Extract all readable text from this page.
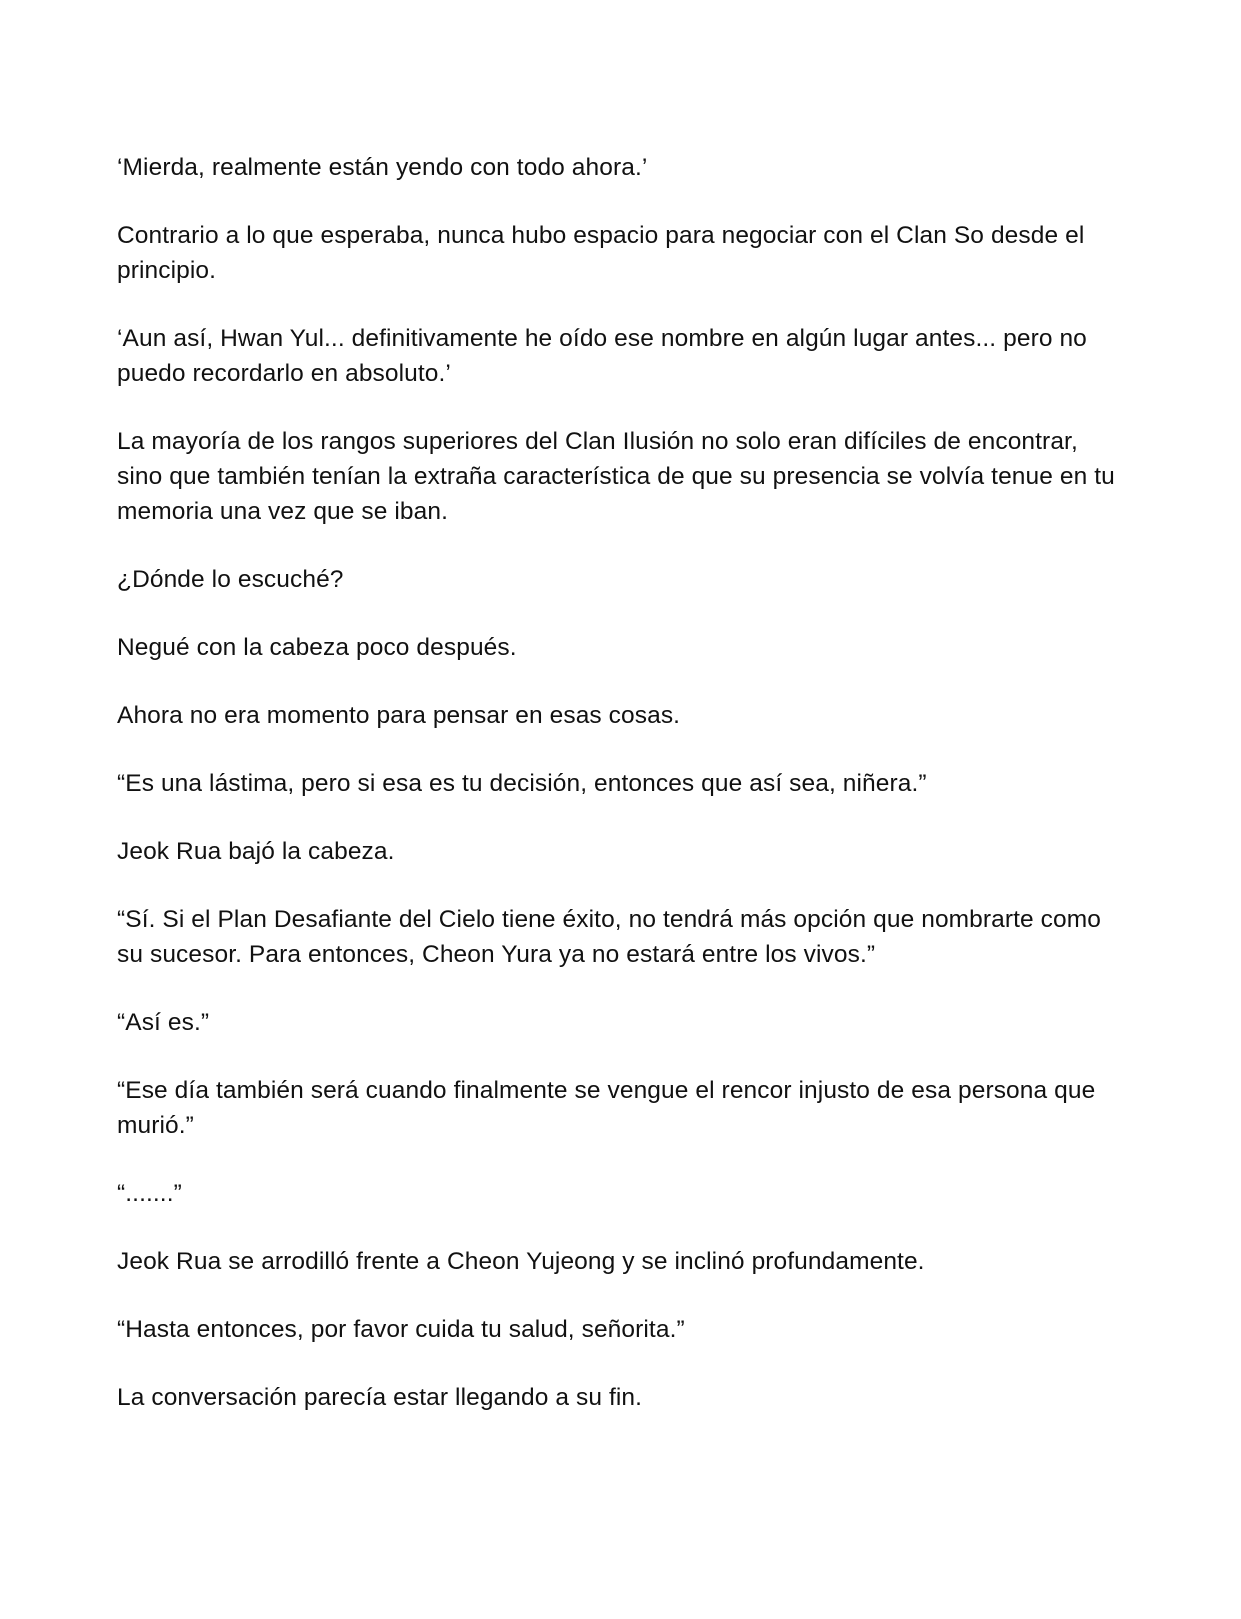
‘Mierda, realmente están yendo con todo ahora.’

Contrario a lo que esperaba, nunca hubo espacio para negociar con el Clan So desde el principio.

‘Aun así, Hwan Yul... definitivamente he oído ese nombre en algún lugar antes... pero no puedo recordarlo en absoluto.’

La mayoría de los rangos superiores del Clan Ilusión no solo eran difíciles de encontrar, sino que también tenían la extraña característica de que su presencia se volvía tenue en tu memoria una vez que se iban.

¿Dónde lo escuché?

Negué con la cabeza poco después.

Ahora no era momento para pensar en esas cosas.

“Es una lástima, pero si esa es tu decisión, entonces que así sea, niñera.”

Jeok Rua bajó la cabeza.

“Sí. Si el Plan Desafiante del Cielo tiene éxito, no tendrá más opción que nombrarte como su sucesor. Para entonces, Cheon Yura ya no estará entre los vivos.”

“Así es.”

“Ese día también será cuando finalmente se vengue el rencor injusto de esa persona que murió.”

“.......”

Jeok Rua se arrodilló frente a Cheon Yujeong y se inclinó profundamente.

“Hasta entonces, por favor cuida tu salud, señorita.”

La conversación parecía estar llegando a su fin.
